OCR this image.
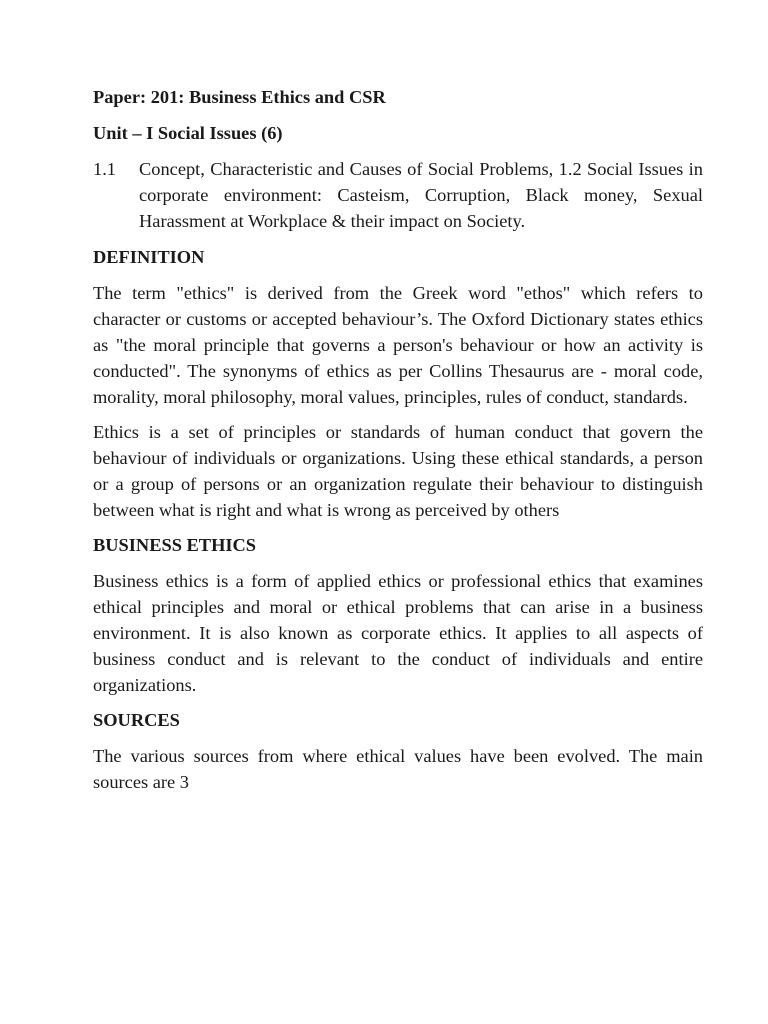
Paper: 201: Business Ethics and CSR
Unit – I Social Issues (6)
1.1	Concept, Characteristic and Causes of Social Problems, 1.2 Social Issues in corporate environment: Casteism, Corruption, Black money, Sexual Harassment at Workplace & their impact on Society.
DEFINITION

The term "ethics" is derived from the Greek word "ethos" which refers to character or customs or accepted behaviour’s. The Oxford Dictionary states ethics as "the moral principle that governs a person's behaviour or how an activity is conducted". The synonyms of ethics as per Collins Thesaurus are - moral code, morality, moral philosophy, moral values, principles, rules of conduct, standards.

Ethics is a set of principles or standards of human conduct that govern the behaviour of individuals or organizations. Using these ethical standards, a person or a group of persons or an organization regulate their behaviour to distinguish between what is right and what is wrong as perceived by others

BUSINESS ETHICS

Business ethics is a form of applied ethics or professional ethics that examines ethical principles and moral or ethical problems that can arise in a business environment. It is also known as corporate ethics. It applies to all aspects of business conduct and is relevant to the conduct of individuals and entire organizations.

SOURCES

The various sources from where ethical values have been evolved. The main sources are 3
